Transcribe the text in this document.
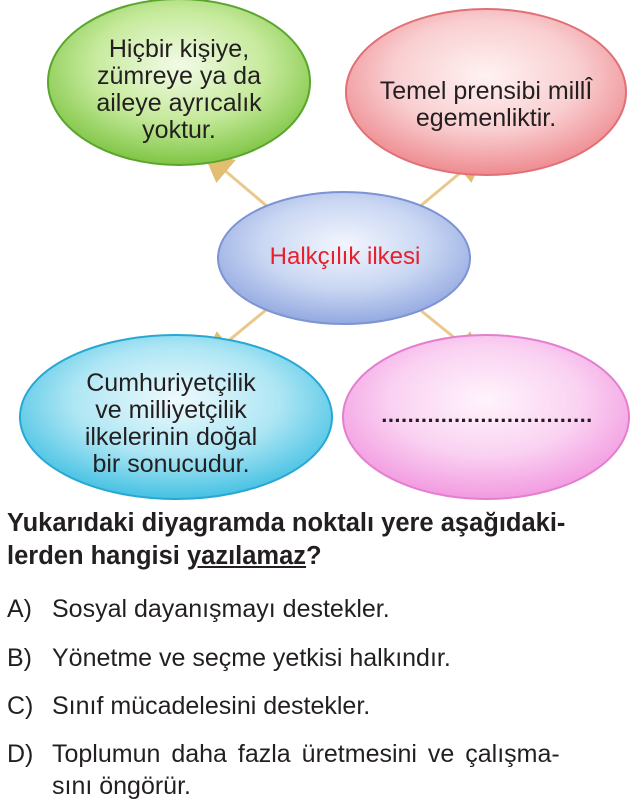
Hiçbir kişiye,
zümreye ya da
aileye ayrıcalık
yoktur.
Temel prensibi millÎ
egemenliktir.
Halkçılık ilkesi
Cumhuriyetçilik
ve milliyetçilik
ilkelerinin doğal
bir sonucudur.
................................
Yukarıdaki diyagramda noktalı yere aşağıdaki-
lerden hangisi yazılamaz?
A) Sosyal dayanışmayı destekler.
B) Yönetme ve seçme yetkisi halkındır.
C) Sınıf mücadelesini destekler.
D) Toplumun daha fazla üretmesini ve çalışma-
sını öngörür.
